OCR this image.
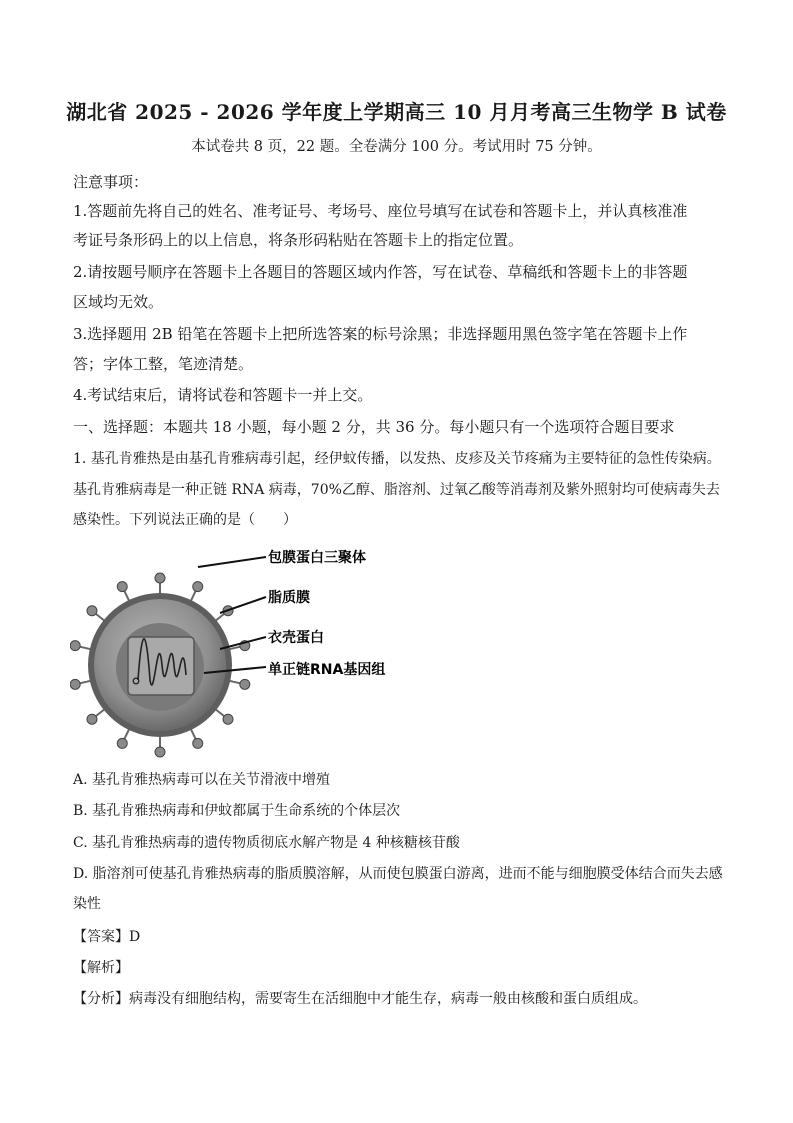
湖北省 2025 - 2026 学年度上学期高三 10 月月考高三生物学 B 试卷
本试卷共 8 页，22 题。全卷满分 100 分。考试用时 75 分钟。
注意事项：
1.答题前先将自己的姓名、准考证号、考场号、座位号填写在试卷和答题卡上，并认真核准准
考证号条形码上的以上信息，将条形码粘贴在答题卡上的指定位置。
2.请按题号顺序在答题卡上各题目的答题区域内作答，写在试卷、草稿纸和答题卡上的非答题
区域均无效。
3.选择题用 2B 铅笔在答题卡上把所选答案的标号涂黑；非选择题用黑色签字笔在答题卡上作
答；字体工整，笔迹清楚。
4.考试结束后，请将试卷和答题卡一并上交。
一、选择题：本题共 18 小题，每小题 2 分，共 36 分。每小题只有一个选项符合题目要求
1. 基孔肯雅热是由基孔肯雅病毒引起，经伊蚊传播，以发热、皮疹及关节疼痛为主要特征的急性传染病。
基孔肯雅病毒是一种正链 RNA 病毒，70%乙醇、脂溶剂、过氧乙酸等消毒剂及紫外照射均可使病毒失去
感染性。下列说法正确的是（　　）
包膜蛋白三聚体
脂质膜
衣壳蛋白
单正链RNA基因组
A. 基孔肯雅热病毒可以在关节滑液中增殖
B. 基孔肯雅热病毒和伊蚊都属于生命系统的个体层次
C. 基孔肯雅热病毒的遗传物质彻底水解产物是 4 种核糖核苷酸
D. 脂溶剂可使基孔肯雅热病毒的脂质膜溶解，从而使包膜蛋白游离，进而不能与细胞膜受体结合而失去感
染性
【答案】D
【解析】
【分析】病毒没有细胞结构，需要寄生在活细胞中才能生存，病毒一般由核酸和蛋白质组成。
